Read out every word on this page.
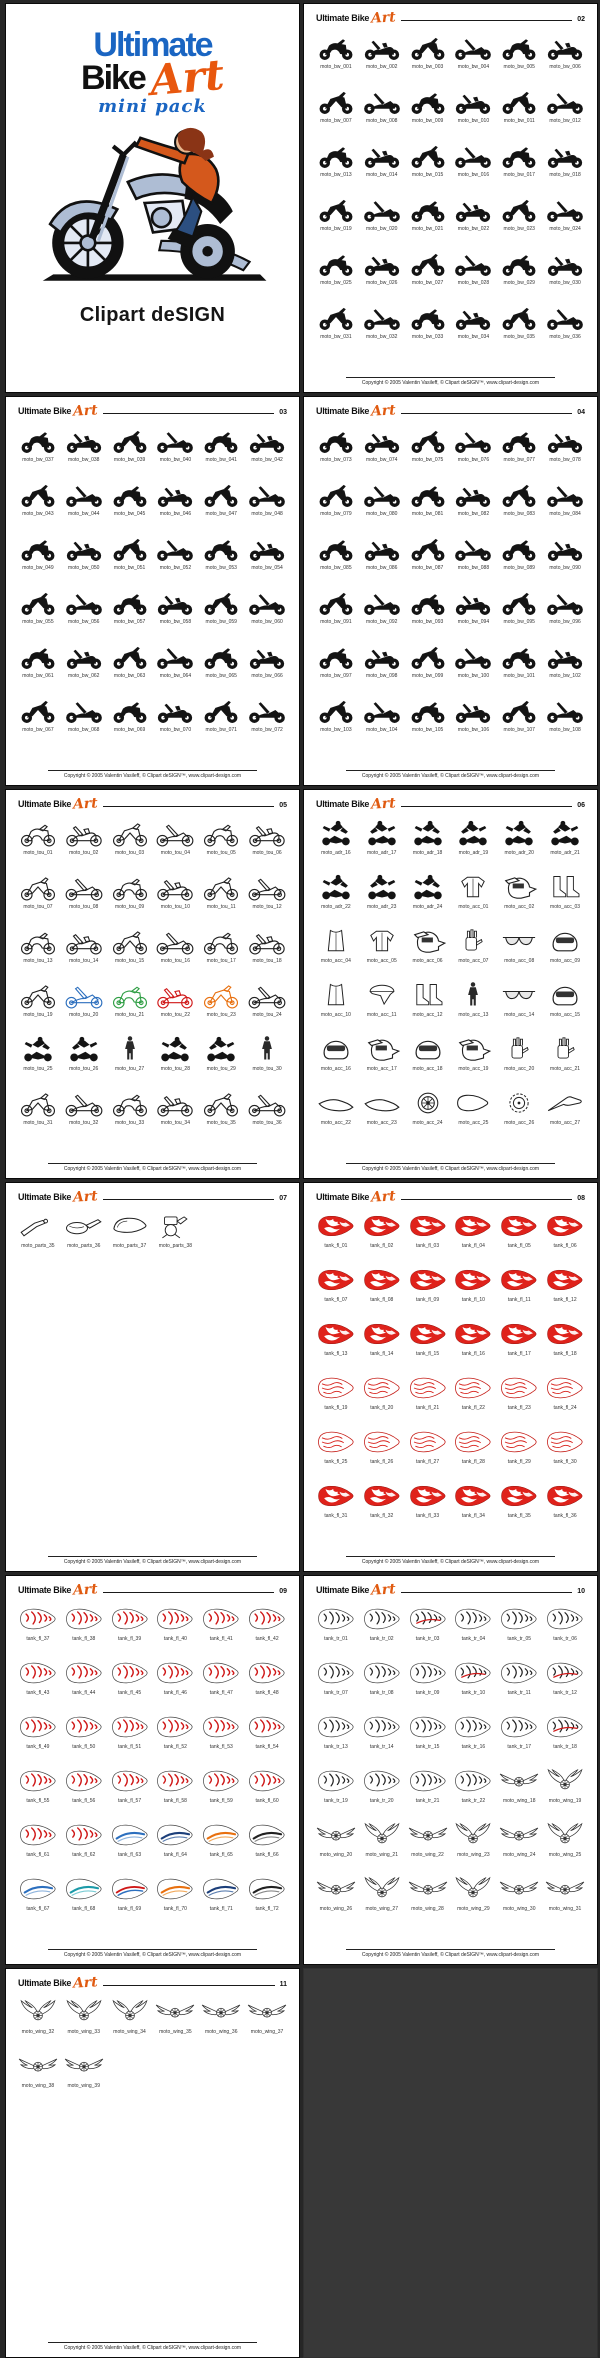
Ultimate
Bike Art
mini pack
Clipart deSIGN
Ultimate Bike Art	02
moto_bw_001	moto_bw_002	moto_bw_003	moto_bw_004	moto_bw_005	moto_bw_006
moto_bw_007	moto_bw_008	moto_bw_009	moto_bw_010	moto_bw_011	moto_bw_012
moto_bw_013	moto_bw_014	moto_bw_015	moto_bw_016	moto_bw_017	moto_bw_018
moto_bw_019	moto_bw_020	moto_bw_021	moto_bw_022	moto_bw_023	moto_bw_024
moto_bw_025	moto_bw_026	moto_bw_027	moto_bw_028	moto_bw_029	moto_bw_030
moto_bw_031	moto_bw_032	moto_bw_033	moto_bw_034	moto_bw_035	moto_bw_036
Copyright © 2005 Valentin Vasileff, © Clipart deSIGN™, www.clipart-design.com
Ultimate Bike Art	03
moto_bw_037	moto_bw_038	moto_bw_039	moto_bw_040	moto_bw_041	moto_bw_042
moto_bw_043	moto_bw_044	moto_bw_045	moto_bw_046	moto_bw_047	moto_bw_048
moto_bw_049	moto_bw_050	moto_bw_051	moto_bw_052	moto_bw_053	moto_bw_054
moto_bw_055	moto_bw_056	moto_bw_057	moto_bw_058	moto_bw_059	moto_bw_060
moto_bw_061	moto_bw_062	moto_bw_063	moto_bw_064	moto_bw_065	moto_bw_066
moto_bw_067	moto_bw_068	moto_bw_069	moto_bw_070	moto_bw_071	moto_bw_072
Copyright © 2005 Valentin Vasileff, © Clipart deSIGN™, www.clipart-design.com
Ultimate Bike Art	04
moto_bw_073	moto_bw_074	moto_bw_075	moto_bw_076	moto_bw_077	moto_bw_078
moto_bw_079	moto_bw_080	moto_bw_081	moto_bw_082	moto_bw_083	moto_bw_084
moto_bw_085	moto_bw_086	moto_bw_087	moto_bw_088	moto_bw_089	moto_bw_090
moto_bw_091	moto_bw_092	moto_bw_093	moto_bw_094	moto_bw_095	moto_bw_096
moto_bw_097	moto_bw_098	moto_bw_099	moto_bw_100	moto_bw_101	moto_bw_102
moto_bw_103	moto_bw_104	moto_bw_105	moto_bw_106	moto_bw_107	moto_bw_108
Copyright © 2005 Valentin Vasileff, © Clipart deSIGN™, www.clipart-design.com
Ultimate Bike Art	05
moto_tou_01	moto_tou_02	moto_tou_03	moto_tou_04	moto_tou_05	moto_tou_06
moto_tou_07	moto_tou_08	moto_tou_09	moto_tou_10	moto_tou_11	moto_tou_12
moto_tou_13	moto_tou_14	moto_tou_15	moto_tou_16	moto_tou_17	moto_tou_18
moto_tou_19	moto_tou_20	moto_tou_21	moto_tou_22	moto_tou_23	moto_tou_24
moto_tou_25	moto_tou_26	moto_tou_27	moto_tou_28	moto_tou_29	moto_tou_30
moto_tou_31	moto_tou_32	moto_tou_33	moto_tou_34	moto_tou_35	moto_tou_36
Copyright © 2005 Valentin Vasileff, © Clipart deSIGN™, www.clipart-design.com
Ultimate Bike Art	06
moto_adr_16	moto_adr_17	moto_adr_18	moto_adr_19	moto_adr_20	moto_adr_21
moto_adr_22	moto_adr_23	moto_adr_24	moto_acc_01	moto_acc_02	moto_acc_03
moto_acc_04	moto_acc_05	moto_acc_06	moto_acc_07	moto_acc_08	moto_acc_09
moto_acc_10	moto_acc_11	moto_acc_12	moto_acc_13	moto_acc_14	moto_acc_15
moto_acc_16	moto_acc_17	moto_acc_18	moto_acc_19	moto_acc_20	moto_acc_21
moto_acc_22	moto_acc_23	moto_acc_24	moto_acc_25	moto_acc_26	moto_acc_27
Copyright © 2005 Valentin Vasileff, © Clipart deSIGN™, www.clipart-design.com
Ultimate Bike Art	07
moto_parts_35 moto_parts_36 moto_parts_37 moto_parts_38
Copyright © 2005 Valentin Vasileff, © Clipart deSIGN™, www.clipart-design.com
Ultimate Bike Art	08
tank_fl_01	tank_fl_02	tank_fl_03	tank_fl_04	tank_fl_05	tank_fl_06
tank_fl_07	tank_fl_08	tank_fl_09	tank_fl_10	tank_fl_11	tank_fl_12
tank_fl_13	tank_fl_14	tank_fl_15	tank_fl_16	tank_fl_17	tank_fl_18
tank_fl_19	tank_fl_20	tank_fl_21	tank_fl_22	tank_fl_23	tank_fl_24
tank_fl_25	tank_fl_26	tank_fl_27	tank_fl_28	tank_fl_29	tank_fl_30
tank_fl_31	tank_fl_32	tank_fl_33	tank_fl_34	tank_fl_35	tank_fl_36
Copyright © 2005 Valentin Vasileff, © Clipart deSIGN™, www.clipart-design.com
Ultimate Bike Art	09
tank_fl_37	tank_fl_38	tank_fl_39	tank_fl_40	tank_fl_41	tank_fl_42
tank_fl_43	tank_fl_44	tank_fl_45	tank_fl_46	tank_fl_47	tank_fl_48
tank_fl_49	tank_fl_50	tank_fl_51	tank_fl_52	tank_fl_53	tank_fl_54
tank_fl_55	tank_fl_56	tank_fl_57	tank_fl_58	tank_fl_59	tank_fl_60
tank_fl_61	tank_fl_62	tank_fl_63	tank_fl_64	tank_fl_65	tank_fl_66
tank_fl_67	tank_fl_68	tank_fl_69	tank_fl_70	tank_fl_71	tank_fl_72
Copyright © 2005 Valentin Vasileff, © Clipart deSIGN™, www.clipart-design.com
Ultimate Bike Art	10
tank_tr_01	tank_tr_02	tank_tr_03	tank_tr_04	tank_tr_05	tank_tr_06
tank_tr_07	tank_tr_08	tank_tr_09	tank_tr_10	tank_tr_11	tank_tr_12
tank_tr_13	tank_tr_14	tank_tr_15	tank_tr_16	tank_tr_17	tank_tr_18
tank_tr_19	tank_tr_20	tank_tr_21	tank_tr_22	moto_wing_18	moto_wing_19
moto_wing_20	moto_wing_21	moto_wing_22	moto_wing_23	moto_wing_24	moto_wing_25
moto_wing_26	moto_wing_27	moto_wing_28	moto_wing_29	moto_wing_30	moto_wing_31
Copyright © 2005 Valentin Vasileff, © Clipart deSIGN™, www.clipart-design.com
Ultimate Bike Art	11
moto_wing_32	moto_wing_33	moto_wing_34	moto_wing_35	moto_wing_36	moto_wing_37
moto_wing_38	moto_wing_39
Copyright © 2005 Valentin Vasileff, © Clipart deSIGN™, www.clipart-design.com
